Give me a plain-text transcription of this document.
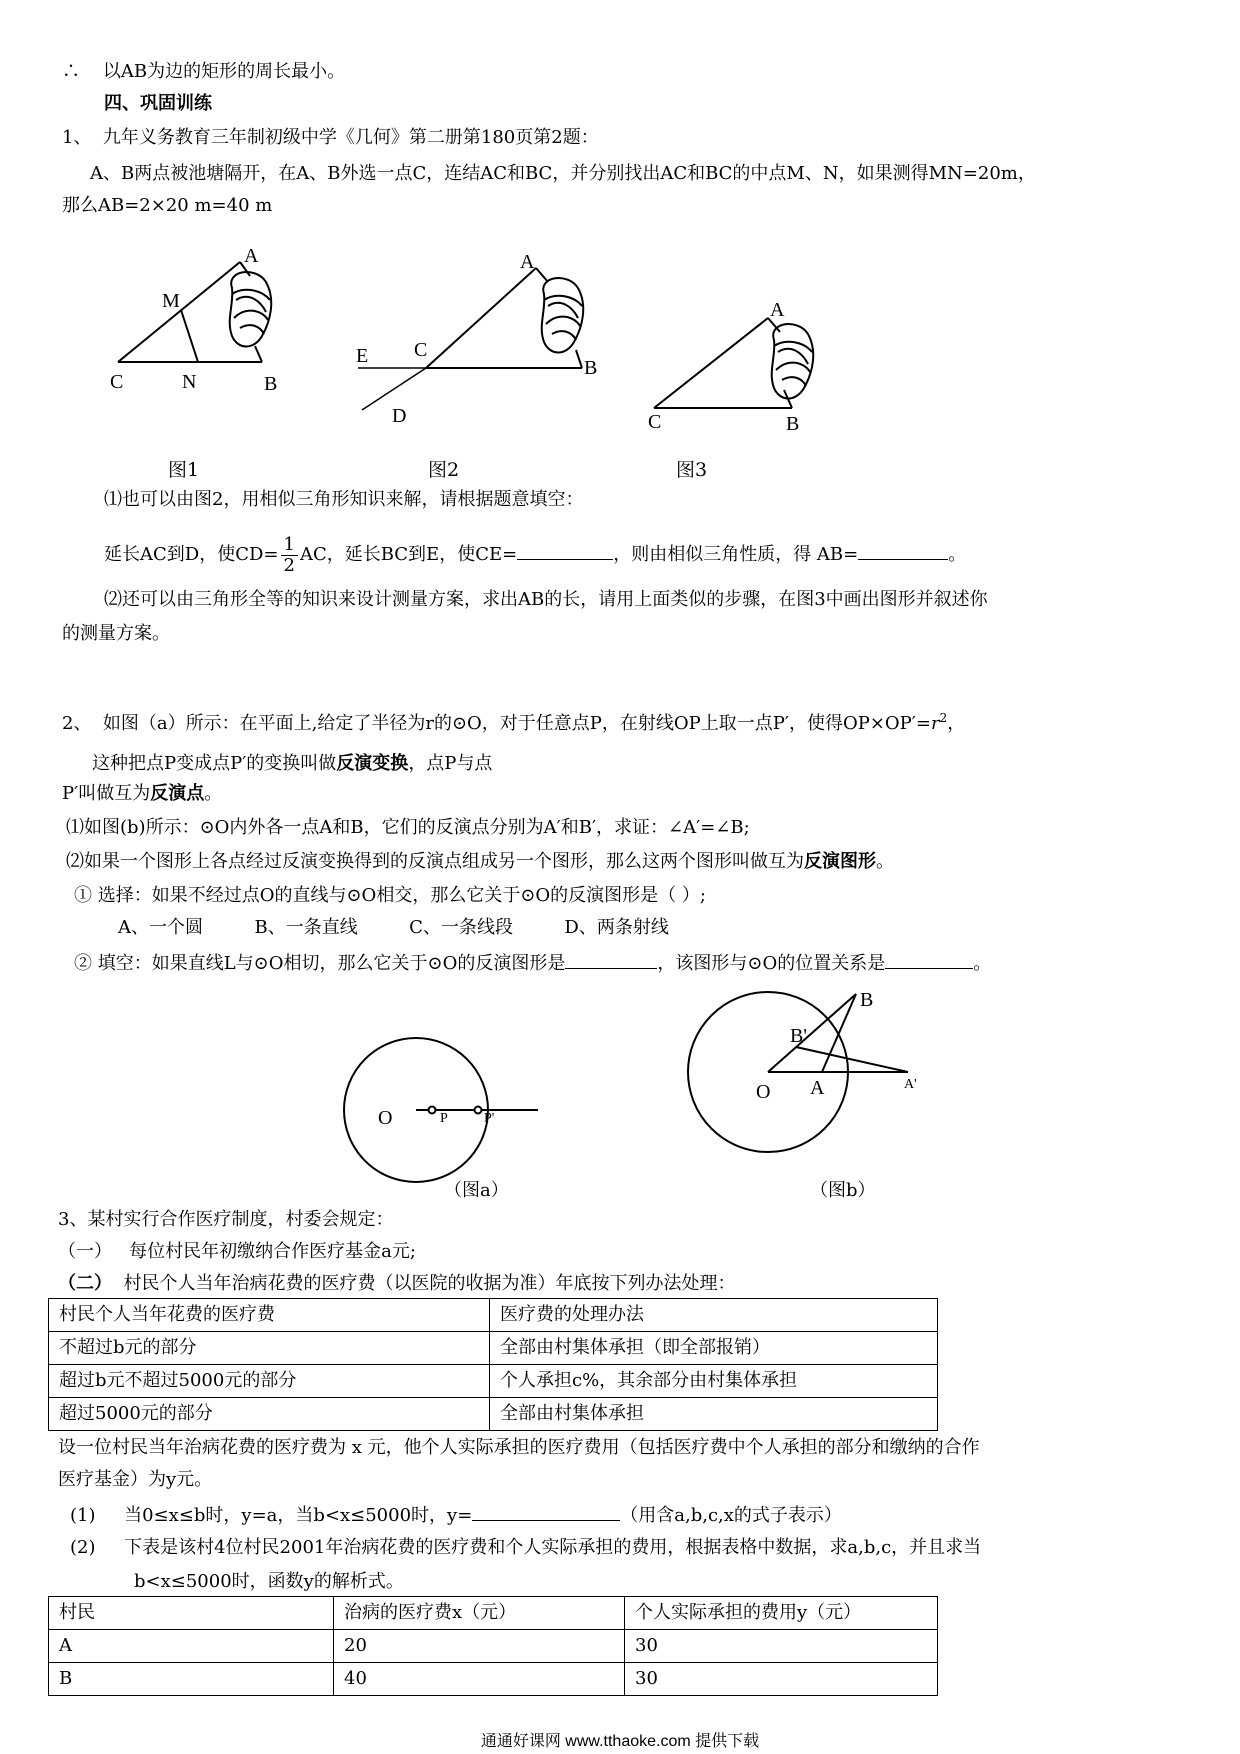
∴ 以AB为边的矩形的周长最小。
四、巩固训练
1、 九年义务教育三年制初级中学《几何》第二册第180页第2题：
A、B两点被池塘隔开，在A、B外选一点C，连结AC和BC，并分别找出AC和BC的中点M、N，如果测得MN=20m，
那么AB=2×20 m=40 m
A
M
C	N	B
A
E C
D
B
A
C	B
图1	图2	图3
⑴也可以由图2，用相似三角形知识来解，请根据题意填空：
延长AC到D，使$CD= \frac{1}{2}$ AC，延长BC到E，使CE=	，则由相似三角性质，得 AB=	。
⑵还可以由三角形全等的知识来设计测量方案，求出AB的长，请用上面类似的步骤，在图3中画出图形并叙述你
的测量方案。
2、 如图（a）所示：在平面上,给定了半径为r的⊙O，对于任意点P，在射线OP上取一点P′，使得$OP\times OP'=r^2$，
这种把点P变成点P′的变换叫做反演变换，点P与点
P′叫做互为反演点。
⑴如图(b)所示：⊙O内外各一点A和B，它们的反演点分别为A′和B′，求证：∠A′=∠B;
⑵如果一个图形上各点经过反演变换得到的反演点组成另一个图形，那么这两个图形叫做互为反演图形。
① 选择：如果不经过点O的直线与⊙O相交，那么它关于⊙O的反演图形是（ ）;
A、一个圆	B、一条直线	C、一条线段	D、两条射线
② 填空：如果直线L与⊙O相切，那么它关于⊙O的反演图形是	，该图形与⊙O的位置关系是	。
O	P	P'
B
B'
O A	A'
（图a）	（图b）
3、某村实行合作医疗制度，村委会规定：
（一） 每位村民年初缴纳合作医疗基金a元;
（二） 村民个人当年治病花费的医疗费（以医院的收据为准）年底按下列办法处理：
村民个人当年花费的医疗费	医疗费的处理办法
不超过b元的部分	全部由村集体承担（即全部报销）
超过b元不超过5000元的部分	个人承担c%，其余部分由村集体承担
超过5000元的部分	全部由村集体承担
设一位村民当年治病花费的医疗费为 x 元，他个人实际承担的医疗费用（包括医疗费中个人承担的部分和缴纳的合作
医疗基金）为y元。
(1) 当0≤x≤b时，y=a，当b<x≤5000时，y=	（用含a,b,c,x的式子表示）
(2) 下表是该村4位村民2001年治病花费的医疗费和个人实际承担的费用，根据表格中数据，求a,b,c，并且求当
b<x≤5000时，函数y的解析式。
村民	治病的医疗费x（元）	个人实际承担的费用y（元）
A	20	30
B	40	30
通通好课网 www.tthaoke.com 提供下载
